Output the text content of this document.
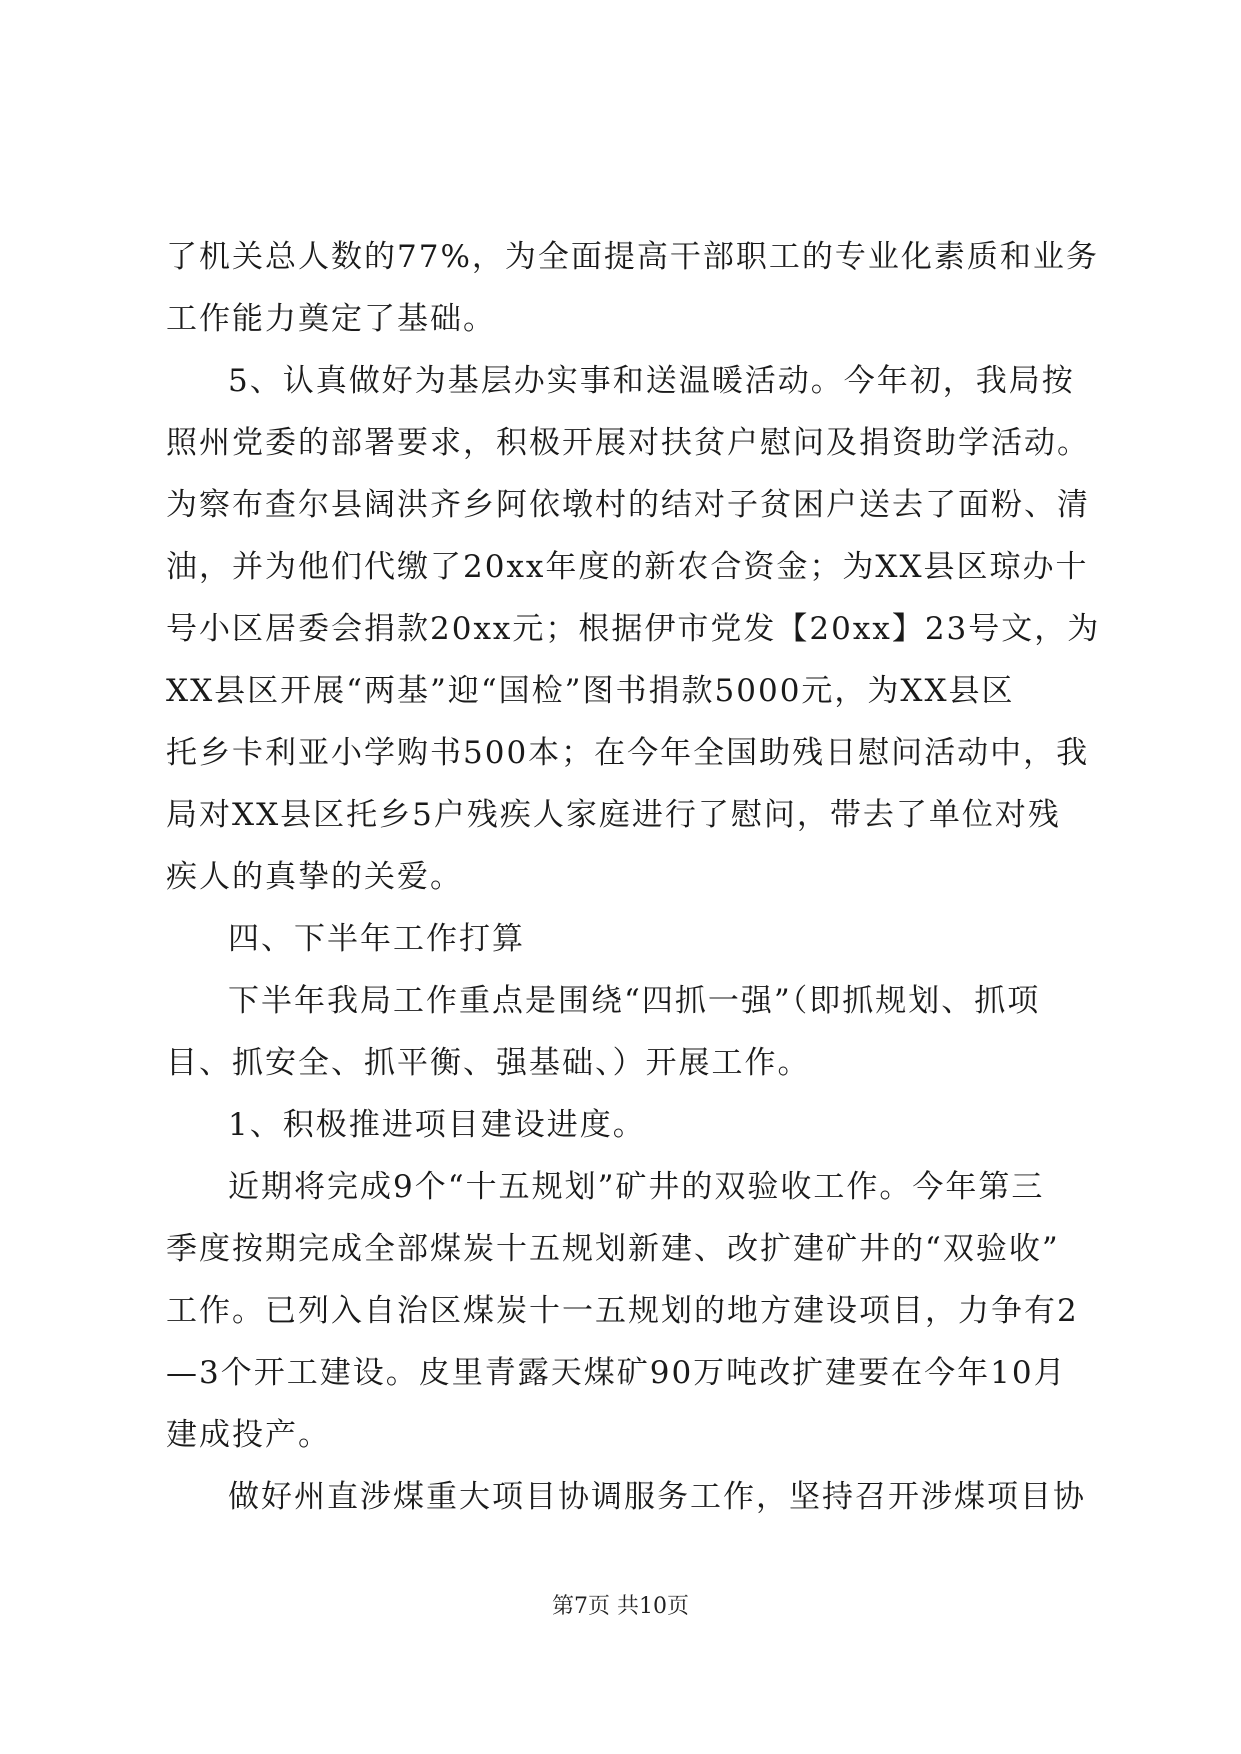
了机关总人数的77%，为全面提高干部职工的专业化素质和业务
工作能力奠定了基础。
5、认真做好为基层办实事和送温暖活动。今年初，我局按
照州党委的部署要求，积极开展对扶贫户慰问及捐资助学活动。
为察布查尔县阔洪齐乡阿依墩村的结对子贫困户送去了面粉、清
油，并为他们代缴了20xx年度的新农合资金；为XX县区琼办十
号小区居委会捐款20xx元；根据伊市党发【20xx】23号文，为
XX县区开展“两基”迎“国检”图书捐款5000元，为XX县区
托乡卡利亚小学购书500本；在今年全国助残日慰问活动中，我
局对XX县区托乡5户残疾人家庭进行了慰问，带去了单位对残
疾人的真挚的关爱。
四、下半年工作打算
下半年我局工作重点是围绕“四抓一强”（即抓规划、抓项
目、抓安全、抓平衡、强基础、）开展工作。
1、积极推进项目建设进度。
近期将完成9个“十五规划”矿井的双验收工作。今年第三
季度按期完成全部煤炭十五规划新建、改扩建矿井的“双验收”
工作。已列入自治区煤炭十一五规划的地方建设项目，力争有2
—3个开工建设。皮里青露天煤矿90万吨改扩建要在今年10月
建成投产。
做好州直涉煤重大项目协调服务工作，坚持召开涉煤项目协
第7页 共10页
